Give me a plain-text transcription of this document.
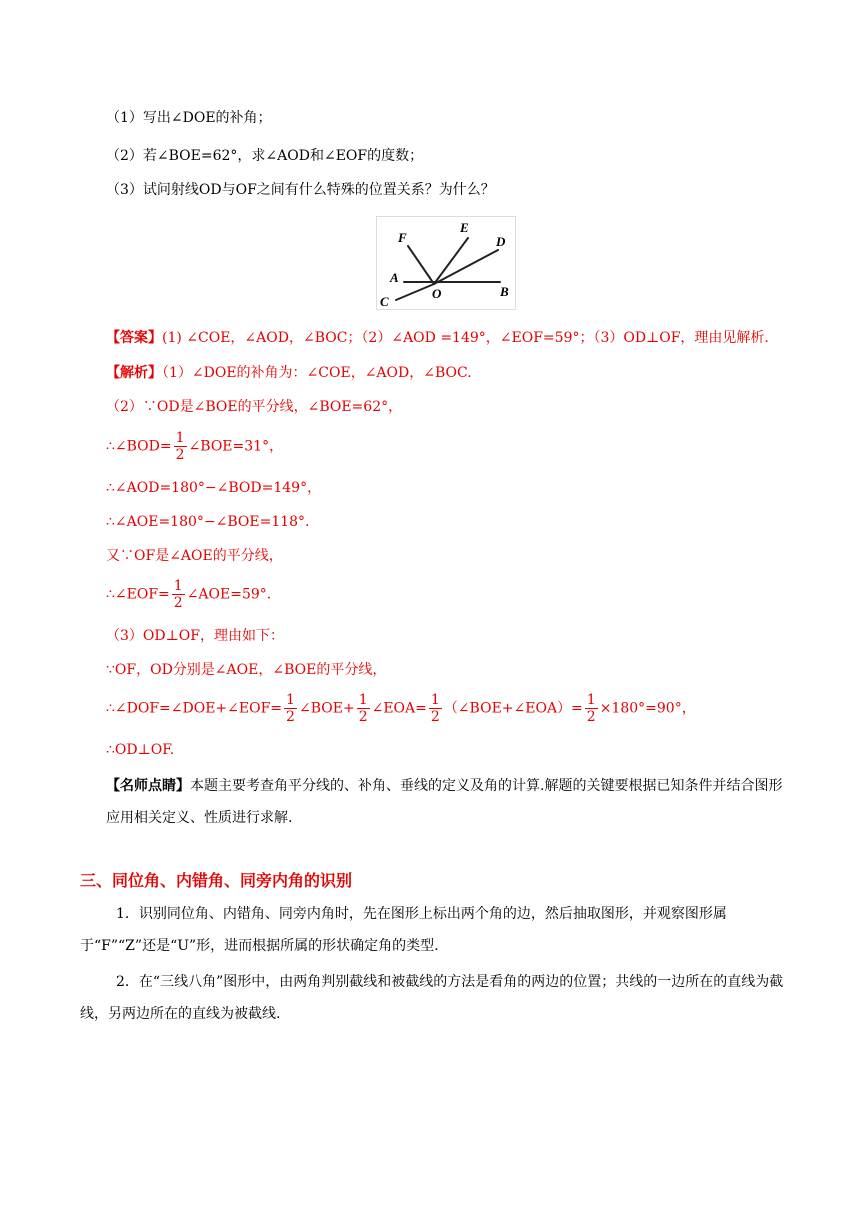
（1）写出∠DOE的补角；
（2）若∠BOE=62°，求∠AOD和∠EOF的度数；
（3）试问射线OD与OF之间有什么特殊的位置关系？为什么？
F
E
D
A
O	B
C
【答案】(1) ∠COE，∠AOD，∠BOC；（2）∠AOD =149°，∠EOF=59°；（3）OD⊥OF，理由见解析.
【解析】（1）∠DOE的补角为：∠COE，∠AOD，∠BOC.
（2）∵OD是∠BOE的平分线，∠BOE=62°，
∴∠BOD= $\frac{1}{2}$ ∠BOE=31°，
∴∠AOD=180°−∠BOD=149°，
∴∠AOE=180°−∠BOE=118°.
又∵OF是∠AOE的平分线，
∴∠EOF= $\frac{1}{2}$ ∠AOE=59°.
（3）OD⊥OF，理由如下：
∵OF，OD分别是∠AOE，∠BOE的平分线，
∴∠DOF=∠DOE+∠EOF= $\frac{1}{2}$ ∠BOE+ $\frac{1}{2}$ ∠EOA= $\frac{1}{2}$ （∠BOE+∠EOA）= $\frac{1}{2} \times 180^\circ=90^\circ$，
∴OD⊥OF.
【名师点睛】本题主要考查角平分线的、补角、垂线的定义及角的计算.解题的关键要根据已知条件并结合图形应用相关定义、性质进行求解.
三、同位角、内错角、同旁内角的识别
1．识别同位角、内错角、同旁内角时，先在图形上标出两个角的边，然后抽取图形，并观察图形属于“F”“Z”还是“U”形，进而根据所属的形状确定角的类型.
2．在“三线八角”图形中，由两角判别截线和被截线的方法是看角的两边的位置；共线的一边所在的直线为截线，另两边所在的直线为被截线.
